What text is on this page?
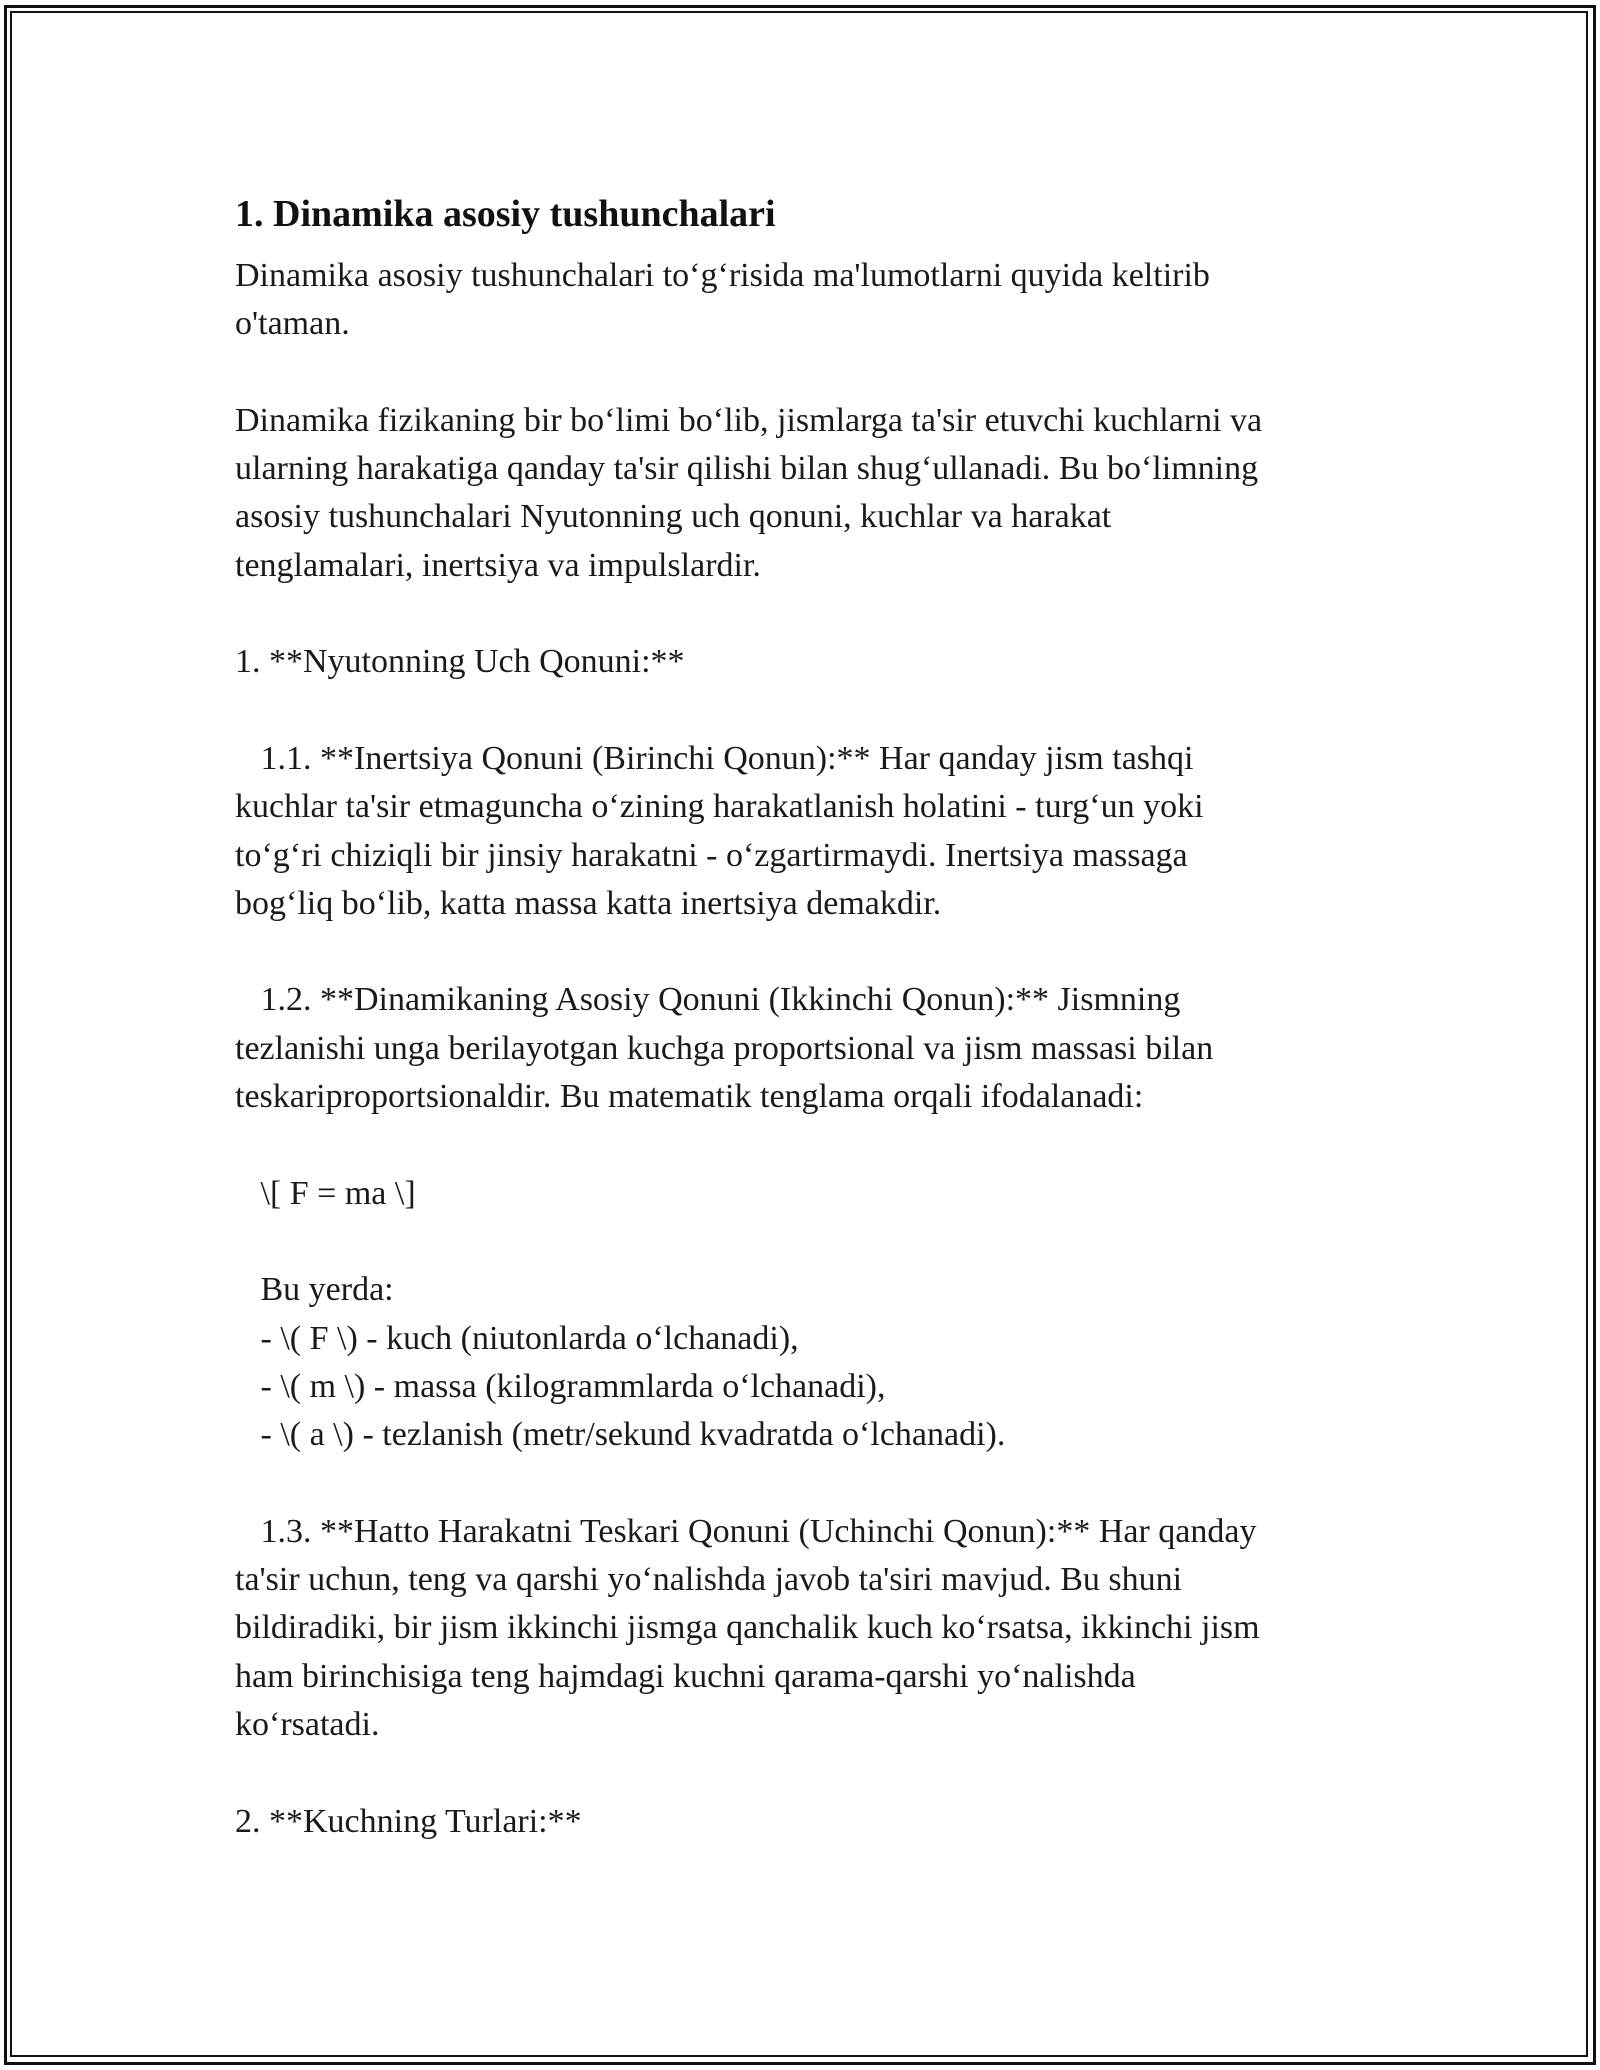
1. Dinamika asosiy tushunchalari
Dinamika asosiy tushunchalari to‘g‘risida ma'lumotlarni quyida keltirib
o'taman.
Dinamika fizikaning bir bo‘limi bo‘lib, jismlarga ta'sir etuvchi kuchlarni va
ularning harakatiga qanday ta'sir qilishi bilan shug‘ullanadi. Bu bo‘limning
asosiy tushunchalari Nyutonning uch qonuni, kuchlar va harakat
tenglamalari, inertsiya va impulslardir.
1. **Nyutonning Uch Qonuni:**
1.1. **Inertsiya Qonuni (Birinchi Qonun):** Har qanday jism tashqi
kuchlar ta'sir etmaguncha o‘zining harakatlanish holatini - turg‘un yoki
to‘g‘ri chiziqli bir jinsiy harakatni - o‘zgartirmaydi. Inertsiya massaga
bog‘liq bo‘lib, katta massa katta inertsiya demakdir.
1.2. **Dinamikaning Asosiy Qonuni (Ikkinchi Qonun):** Jismning
tezlanishi unga berilayotgan kuchga proportsional va jism massasi bilan
teskariproportsionaldir. Bu matematik tenglama orqali ifodalanadi:
\[ F = ma \]
Bu yerda:
- \( F \) - kuch (niutonlarda o‘lchanadi),
- \( m \) - massa (kilogrammlarda o‘lchanadi),
- \( a \) - tezlanish (metr/sekund kvadratda o‘lchanadi).
1.3. **Hatto Harakatni Teskari Qonuni (Uchinchi Qonun):** Har qanday
ta'sir uchun, teng va qarshi yo‘nalishda javob ta'siri mavjud. Bu shuni
bildiradiki, bir jism ikkinchi jismga qanchalik kuch ko‘rsatsa, ikkinchi jism
ham birinchisiga teng hajmdagi kuchni qarama-qarshi yo‘nalishda
ko‘rsatadi.
2. **Kuchning Turlari:**
